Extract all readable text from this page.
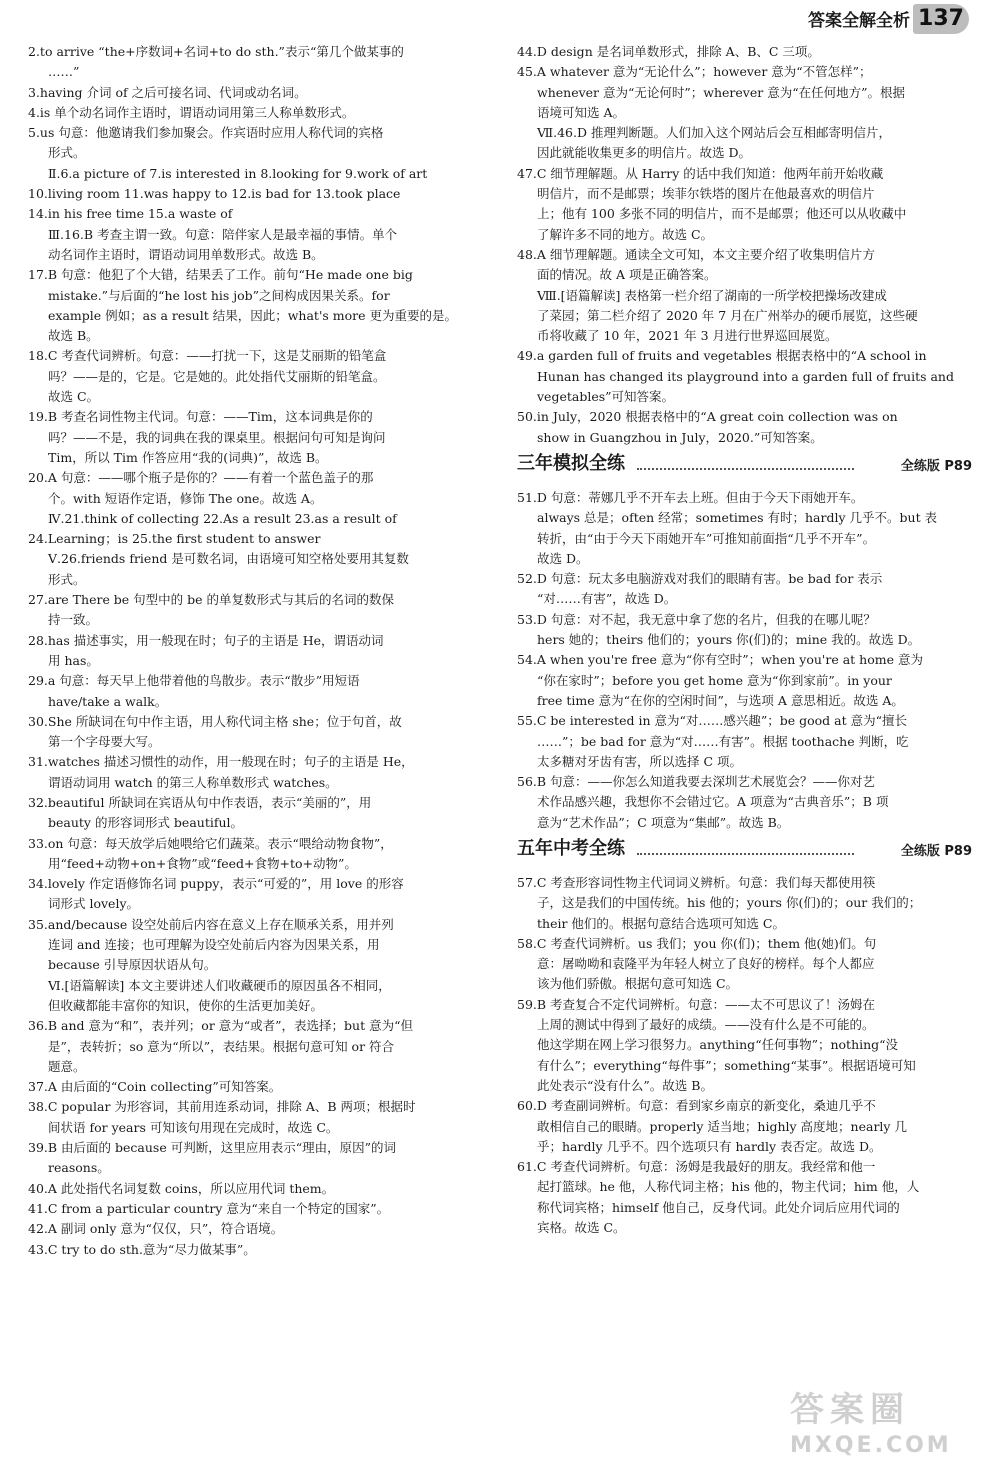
答案全解全析 137
2.to arrive “the+序数词+名词+to do sth.”表示“第几个做某事的
……”
3.having 介词 of 之后可接名词、代词或动名词。
4.is 单个动名词作主语时，谓语动词用第三人称单数形式。
5.us 句意：他邀请我们参加聚会。作宾语时应用人称代词的宾格
形式。
Ⅱ.6.a picture of 7.is interested in 8.looking for 9.work of art
10.living room 11.was happy to 12.is bad for 13.took place
14.in his free time 15.a waste of
Ⅲ.16.B 考查主谓一致。句意：陪伴家人是最幸福的事情。单个
动名词作主语时，谓语动词用单数形式。故选 B。
17.B 句意：他犯了个大错，结果丢了工作。前句“He made one big
mistake.”与后面的“he lost his job”之间构成因果关系。for
example 例如；as a result 结果，因此；what's more 更为重要的是。
故选 B。
18.C 考查代词辨析。句意：——打扰一下，这是艾丽斯的铅笔盒
吗？——是的，它是。它是她的。此处指代艾丽斯的铅笔盒。
故选 C。
19.B 考查名词性物主代词。句意：——Tim，这本词典是你的
吗？——不是，我的词典在我的课桌里。根据问句可知是询问
Tim，所以 Tim 作答应用“我的(词典)”，故选 B。
20.A 句意：——哪个瓶子是你的？——有着一个蓝色盖子的那
个。with 短语作定语，修饰 The one。故选 A。
Ⅳ.21.think of collecting 22.As a result 23.as a result of
24.Learning；is 25.the first student to answer
Ⅴ.26.friends friend 是可数名词，由语境可知空格处要用其复数
形式。
27.are There be 句型中的 be 的单复数形式与其后的名词的数保
持一致。
28.has 描述事实，用一般现在时；句子的主语是 He，谓语动词
用 has。
29.a 句意：每天早上他带着他的鸟散步。表示“散步”用短语
have/take a walk。
30.She 所缺词在句中作主语，用人称代词主格 she；位于句首，故
第一个字母要大写。
31.watches 描述习惯性的动作，用一般现在时；句子的主语是 He，
谓语动词用 watch 的第三人称单数形式 watches。
32.beautiful 所缺词在宾语从句中作表语，表示“美丽的”，用
beauty 的形容词形式 beautiful。
33.on 句意：每天放学后她喂给它们蔬菜。表示“喂给动物食物”，
用“feed+动物+on+食物”或“feed+食物+to+动物”。
34.lovely 作定语修饰名词 puppy，表示“可爱的”，用 love 的形容
词形式 lovely。
35.and/because 设空处前后内容在意义上存在顺承关系，用并列
连词 and 连接；也可理解为设空处前后内容为因果关系，用
because 引导原因状语从句。
Ⅵ.[语篇解读] 本文主要讲述人们收藏硬币的原因虽各不相同，
但收藏都能丰富你的知识，使你的生活更加美好。
36.B and 意为“和”，表并列；or 意为“或者”，表选择；but 意为“但
是”，表转折；so 意为“所以”，表结果。根据句意可知 or 符合
题意。
37.A 由后面的“Coin collecting”可知答案。
38.C popular 为形容词，其前用连系动词，排除 A、B 两项；根据时
间状语 for years 可知该句用现在完成时，故选 C。
39.B 由后面的 because 可判断，这里应用表示“理由，原因”的词
reasons。
40.A 此处指代名词复数 coins，所以应用代词 them。
41.C from a particular country 意为“来自一个特定的国家”。
42.A 副词 only 意为“仅仅，只”，符合语境。
43.C try to do sth.意为“尽力做某事”。
44.D design 是名词单数形式，排除 A、B、C 三项。
45.A whatever 意为“无论什么”；however 意为“不管怎样”；
whenever 意为“无论何时”；wherever 意为“在任何地方”。根据
语境可知选 A。
Ⅶ.46.D 推理判断题。人们加入这个网站后会互相邮寄明信片，
因此就能收集更多的明信片。故选 D。
47.C 细节理解题。从 Harry 的话中我们知道：他两年前开始收藏
明信片，而不是邮票；埃菲尔铁塔的图片在他最喜欢的明信片
上；他有 100 多张不同的明信片，而不是邮票；他还可以从收藏中
了解许多不同的地方。故选 C。
48.A 细节理解题。通读全文可知，本文主要介绍了收集明信片方
面的情况。故 A 项是正确答案。
Ⅷ.[语篇解读] 表格第一栏介绍了湖南的一所学校把操场改建成
了菜园；第二栏介绍了 2020 年 7 月在广州举办的硬币展览，这些硬
币将收藏了 10 年，2021 年 3 月进行世界巡回展览。
49.a garden full of fruits and vegetables 根据表格中的“A school in
Hunan has changed its playground into a garden full of fruits and
vegetables”可知答案。
50.in July，2020 根据表格中的“A great coin collection was on
show in Guangzhou in July，2020.”可知答案。
三年模拟全练	全练版 P89
51.D 句意：蒂娜几乎不开车去上班。但由于今天下雨她开车。
always 总是；often 经常；sometimes 有时；hardly 几乎不。but 表
转折，由“由于今天下雨她开车”可推知前面指“几乎不开车”。
故选 D。
52.D 句意：玩太多电脑游戏对我们的眼睛有害。be bad for 表示
“对……有害”，故选 D。
53.D 句意：对不起，我无意中拿了您的名片，但我的在哪儿呢？
hers 她的；theirs 他们的；yours 你(们)的；mine 我的。故选 D。
54.A when you're free 意为“你有空时”；when you're at home 意为
“你在家时”；before you get home 意为“你到家前”。in your
free time 意为“在你的空闲时间”，与选项 A 意思相近。故选 A。
55.C be interested in 意为“对……感兴趣”；be good at 意为“擅长
……”；be bad for 意为“对……有害”。根据 toothache 判断，吃
太多糖对牙齿有害，所以选择 C 项。
56.B 句意：——你怎么知道我要去深圳艺术展览会？——你对艺
术作品感兴趣，我想你不会错过它。A 项意为“古典音乐”；B 项
意为“艺术作品”；C 项意为“集邮”。故选 B。
五年中考全练	全练版 P89
57.C 考查形容词性物主代词词义辨析。句意：我们每天都使用筷
子，这是我们的中国传统。his 他的；yours 你(们)的；our 我们的；
their 他们的。根据句意结合选项可知选 C。
58.C 考查代词辨析。us 我们；you 你(们)；them 他(她)们。句
意：屠呦呦和袁隆平为年轻人树立了良好的榜样。每个人都应
该为他们骄傲。根据句意可知选 C。
59.B 考查复合不定代词辨析。句意：——太不可思议了！汤姆在
上周的测试中得到了最好的成绩。——没有什么是不可能的。
他这学期在网上学习很努力。anything“任何事物”；nothing“没
有什么”；everything“每件事”；something“某事”。根据语境可知
此处表示“没有什么”。故选 B。
60.D 考查副词辨析。句意：看到家乡南京的新变化，桑迪几乎不
敢相信自己的眼睛。properly 适当地；highly 高度地；nearly 几
乎；hardly 几乎不。四个选项只有 hardly 表否定。故选 D。
61.C 考查代词辨析。句意：汤姆是我最好的朋友。我经常和他一
起打篮球。he 他，人称代词主格；his 他的，物主代词；him 他，人
称代词宾格；himself 他自己，反身代词。此处介词后应用代词的
宾格。故选 C。
答案圈
MXQE.COM
